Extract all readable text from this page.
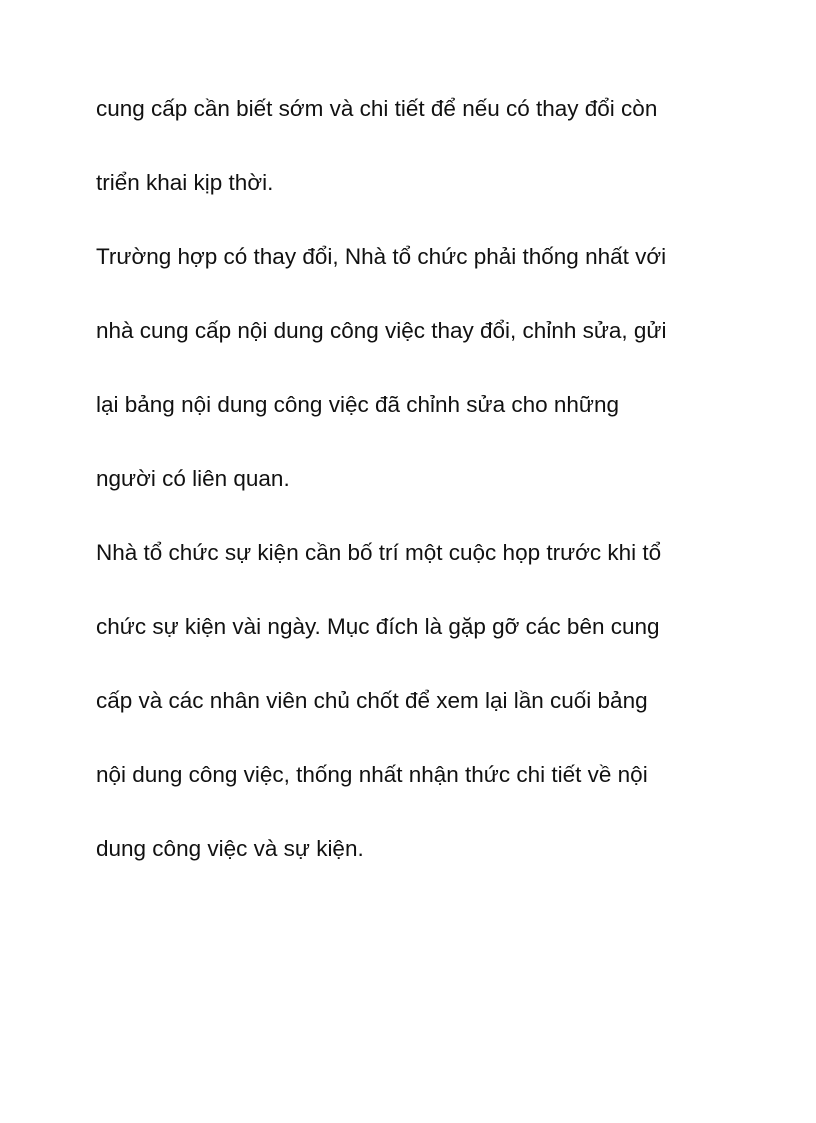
cung cấp cần biết sớm và chi tiết để nếu có thay đổi còn
triển khai kịp thời.
Trường hợp có thay đổi, Nhà tổ chức phải thống nhất với
nhà cung cấp nội dung công việc thay đổi, chỉnh sửa, gửi
lại bảng nội dung công việc đã chỉnh sửa cho những
người có liên quan.
Nhà tổ chức sự kiện cần bố trí một cuộc họp trước khi tổ
chức sự kiện vài ngày. Mục đích là gặp gỡ các bên cung
cấp và các nhân viên chủ chốt để xem lại lần cuối bảng
nội dung công việc, thống nhất nhận thức chi tiết về nội
dung công việc và sự kiện.
